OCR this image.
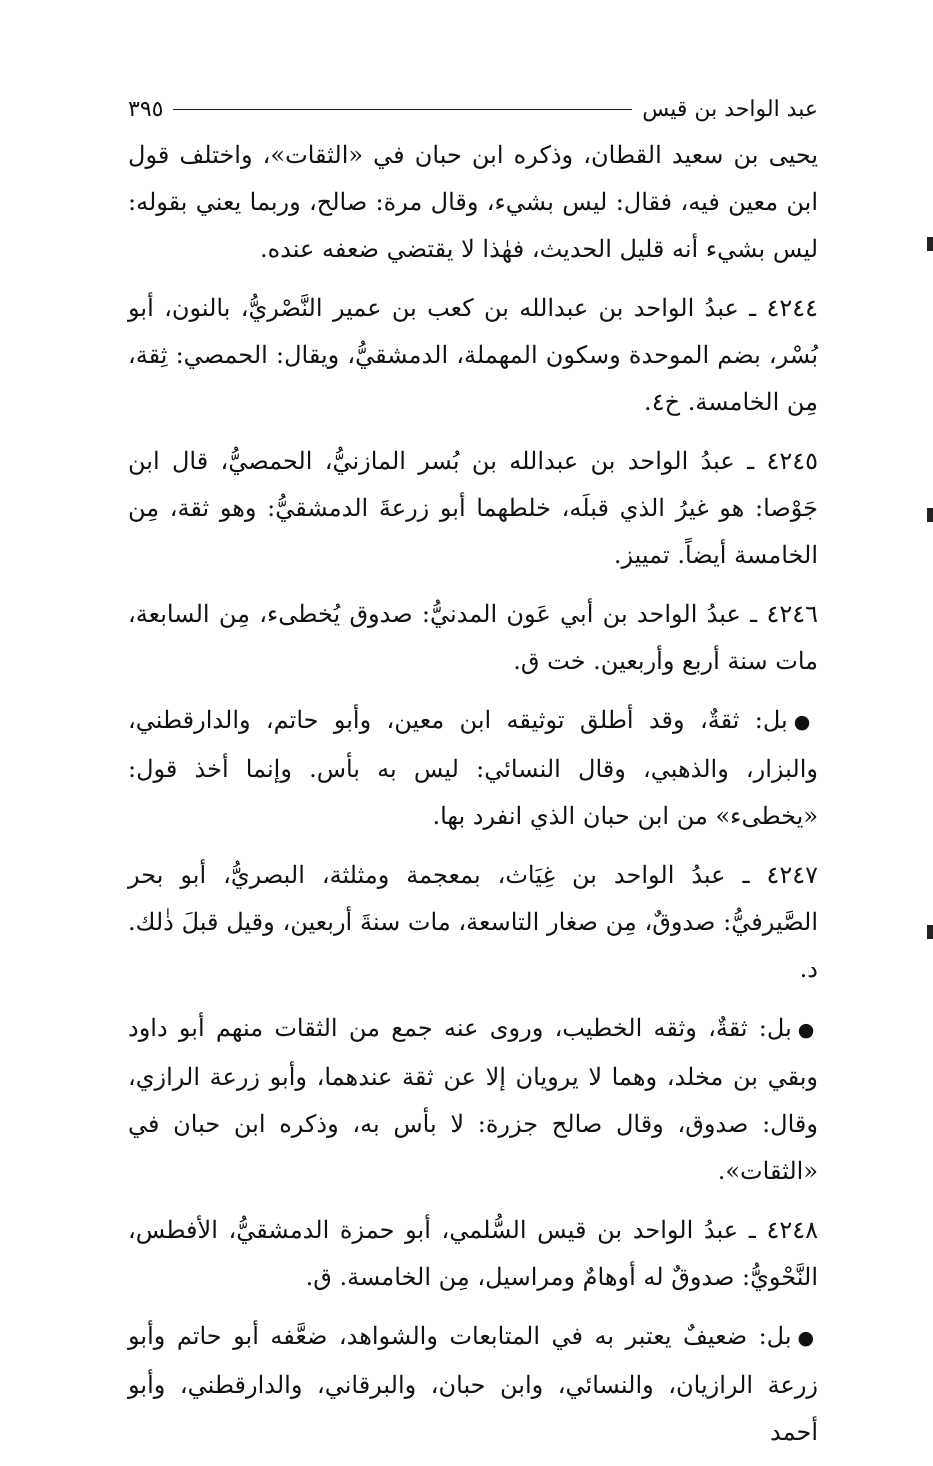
عبد الواحد بن قيس
٣٩٥

يحيى بن سعيد القطان، وذكره ابن حبان في «الثقات»، واختلف قول ابن معين فيه، فقال: ليس بشيء، وقال مرة: صالح، وربما يعني بقوله: ليس بشيء أنه قليل الحديث، فهٰذا لا يقتضي ضعفه عنده.

٤٢٤٤ ـ عبدُ الواحد بن عبدالله بن كعب بن عمير النَّصْريُّ، بالنون، أبو بُسْر، بضم الموحدة وسكون المهملة، الدمشقيُّ، ويقال: الحمصي: ثِقة، مِن الخامسة. خ٤.

٤٢٤٥ ـ عبدُ الواحد بن عبدالله بن بُسر المازنيُّ، الحمصيُّ، قال ابن جَوْصا: هو غيرُ الذي قبلَه، خلطهما أبو زرعةَ الدمشقيُّ: وهو ثقة، مِن الخامسة أيضاً. تمييز.

٤٢٤٦ ـ عبدُ الواحد بن أبي عَون المدنيُّ: صدوق يُخطىء، مِن السابعة، مات سنة أربع وأربعين. خت ق.

●بل: ثقةٌ، وقد أطلق توثيقه ابن معين، وأبو حاتم، والدارقطني، والبزار، والذهبي، وقال النسائي: ليس به بأس. وإنما أخذ قول: «يخطىء» من ابن حبان الذي انفرد بها.

٤٢٤٧ ـ عبدُ الواحد بن غِيَاث، بمعجمة ومثلثة، البصريُّ، أبو بحر الصَّيرفيُّ: صدوقٌ، مِن صغار التاسعة، مات سنةَ أربعين، وقيل قبلَ ذٰلك. د.

●بل: ثقةٌ، وثقه الخطيب، وروى عنه جمع من الثقات منهم أبو داود وبقي بن مخلد، وهما لا يرويان إلا عن ثقة عندهما، وأبو زرعة الرازي، وقال: صدوق، وقال صالح جزرة: لا بأس به، وذكره ابن حبان في «الثقات».

٤٢٤٨ ـ عبدُ الواحد بن قيس السُّلمي، أبو حمزة الدمشقيُّ، الأفطس، النَّحْويُّ: صدوقٌ له أوهامٌ ومراسيل، مِن الخامسة. ق.

●بل: ضعيفٌ يعتبر به في المتابعات والشواهد، ضعَّفه أبو حاتم وأبو زرعة الرازيان، والنسائي، وابن حبان، والبرقاني، والدارقطني، وأبو أحمد
